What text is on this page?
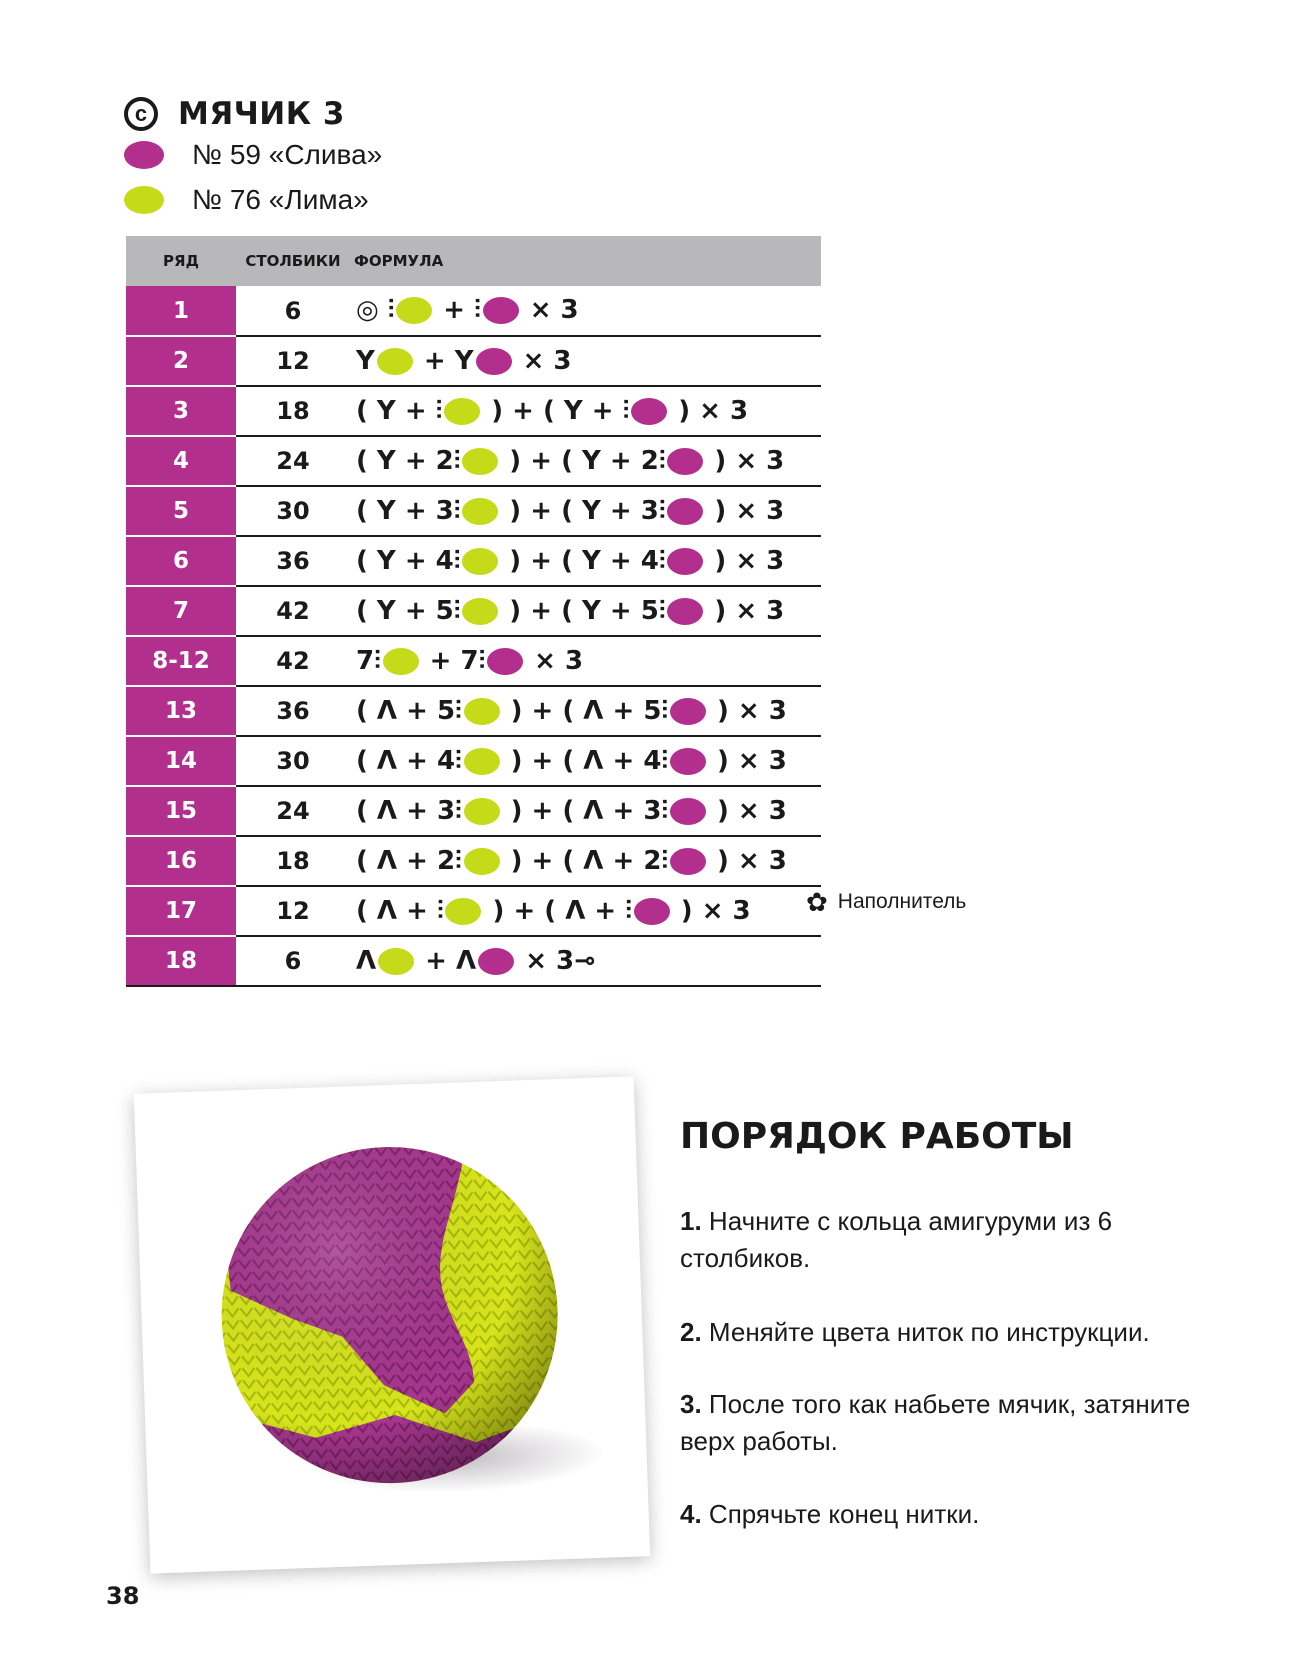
c МЯЧИК 3
№ 59 «Слива»
№ 76 «Лима»
РЯД	СТОЛБИКИ	ФОРМУЛА
1	6	◎ ⫶ + ⫶ × 3
2	12	Y + Y × 3
3	18	( Y + ⫶ ) + ( Y + ⫶ ) × 3
4	24	( Y + 2⫶ ) + ( Y + 2⫶ ) × 3
5	30	( Y + 3⫶ ) + ( Y + 3⫶ ) × 3
6	36	( Y + 4⫶ ) + ( Y + 4⫶ ) × 3
7	42	( Y + 5⫶ ) + ( Y + 5⫶ ) × 3
8-12	42	7⫶ + 7⫶ × 3
13	36	( Λ + 5⫶ ) + ( Λ + 5⫶ ) × 3
14	30	( Λ + 4⫶ ) + ( Λ + 4⫶ ) × 3
15	24	( Λ + 3⫶ ) + ( Λ + 3⫶ ) × 3
16	18	( Λ + 2⫶ ) + ( Λ + 2⫶ ) × 3
17	12	( Λ + ⫶ ) + ( Λ + ⫶ ) × 3
18	6	Λ + Λ × 3⊸
✿ Наполнитель
ПОРЯДОК РАБОТЫ
1. Начните с кольца амигуруми из 6 столбиков.
2. Меняйте цвета ниток по инструкции.
3. После того как набьете мячик, затяните верх работы.
4. Спрячьте конец нитки.
38
